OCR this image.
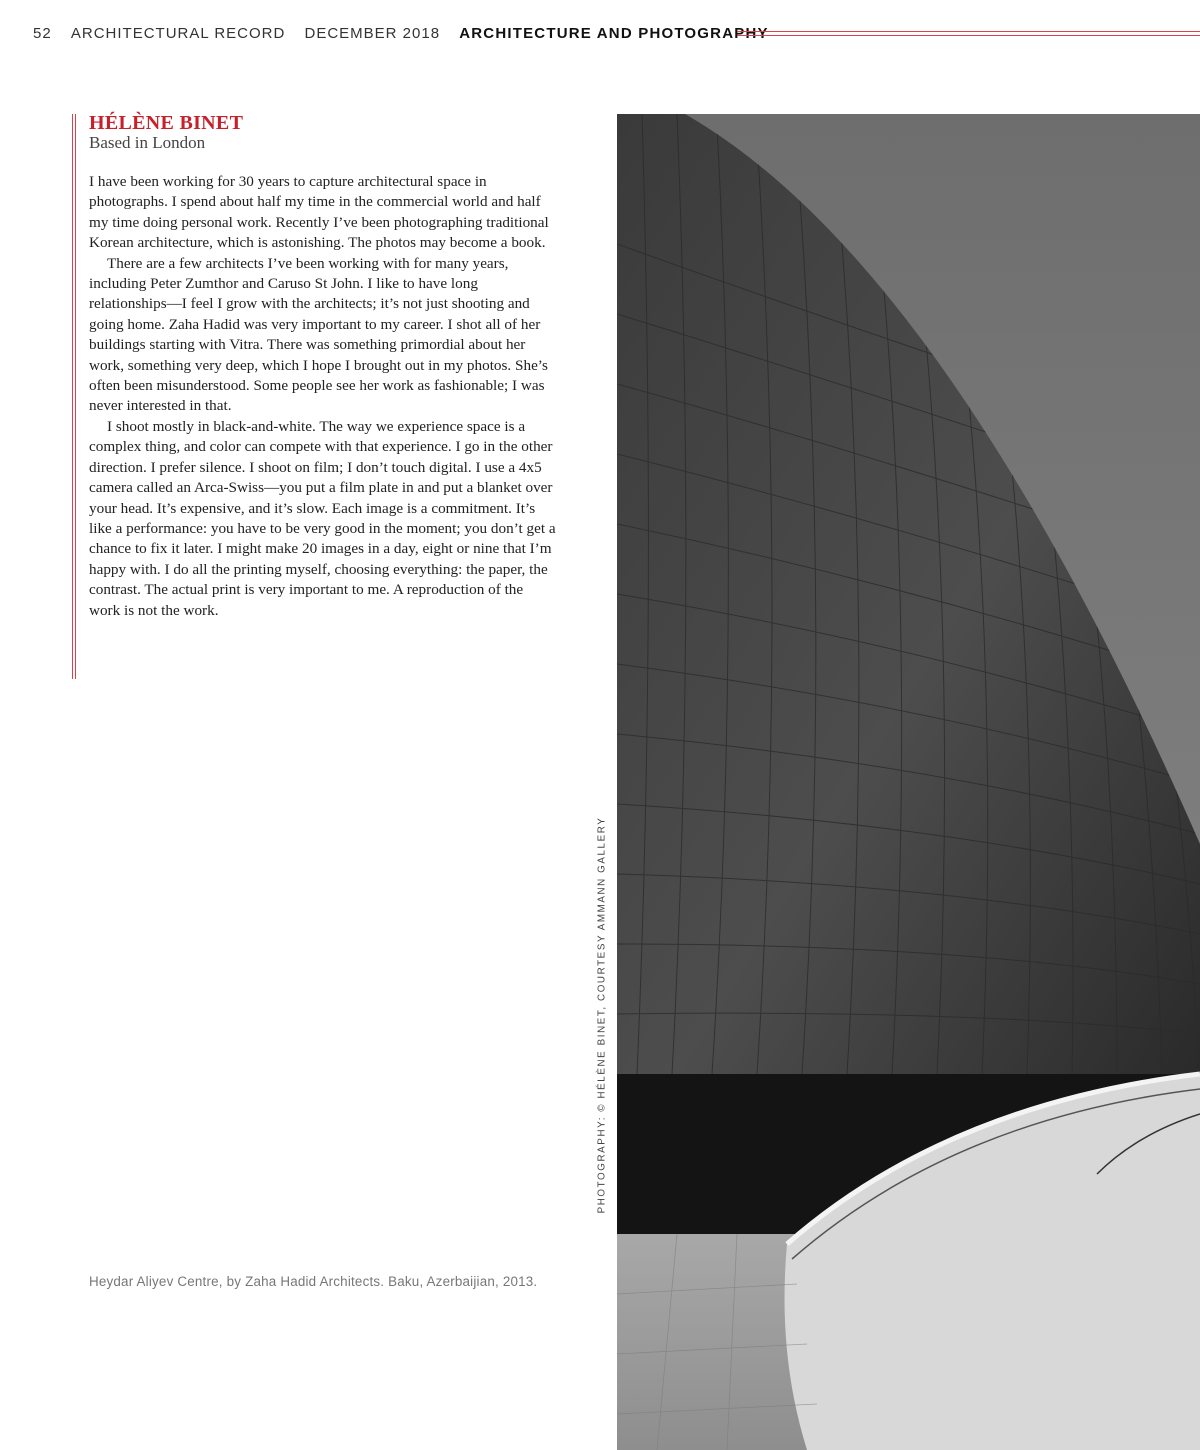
52 ARCHITECTURAL RECORD DECEMBER 2018 ARCHITECTURE AND PHOTOGRAPHY
HÉLÈNE BINET
Based in London

I have been working for 30 years to capture architectural space in photographs. I spend about half my time in the commercial world and half my time doing personal work. Recently I’ve been photographing traditional Korean architecture, which is astonishing. The photos may become a book.

There are a few architects I’ve been working with for many years, including Peter Zumthor and Caruso St John. I like to have long relationships—I feel I grow with the architects; it’s not just shooting and going home. Zaha Hadid was very important to my career. I shot all of her buildings starting with Vitra. There was something primordial about her work, something very deep, which I hope I brought out in my photos. She’s often been misunderstood. Some people see her work as fashionable; I was never interested in that.

I shoot mostly in black-and-white. The way we experience space is a complex thing, and color can compete with that experience. I go in the other direction. I prefer silence. I shoot on film; I don’t touch digital. I use a 4x5 camera called an Arca-Swiss—you put a film plate in and put a blanket over your head. It’s expensive, and it’s slow. Each image is a commitment. It’s like a performance: you have to be very good in the moment; you don’t get a chance to fix it later. I might make 20 images in a day, eight or nine that I’m happy with. I do all the printing myself, choosing everything: the paper, the contrast. The actual print is very important to me. A reproduction of the work is not the work.

Heydar Aliyev Centre, by Zaha Hadid Architects. Baku, Azerbaijian, 2013.
PHOTOGRAPHY: © HÉLÈNE BINET, COURTESY AMMANN GALLERY
